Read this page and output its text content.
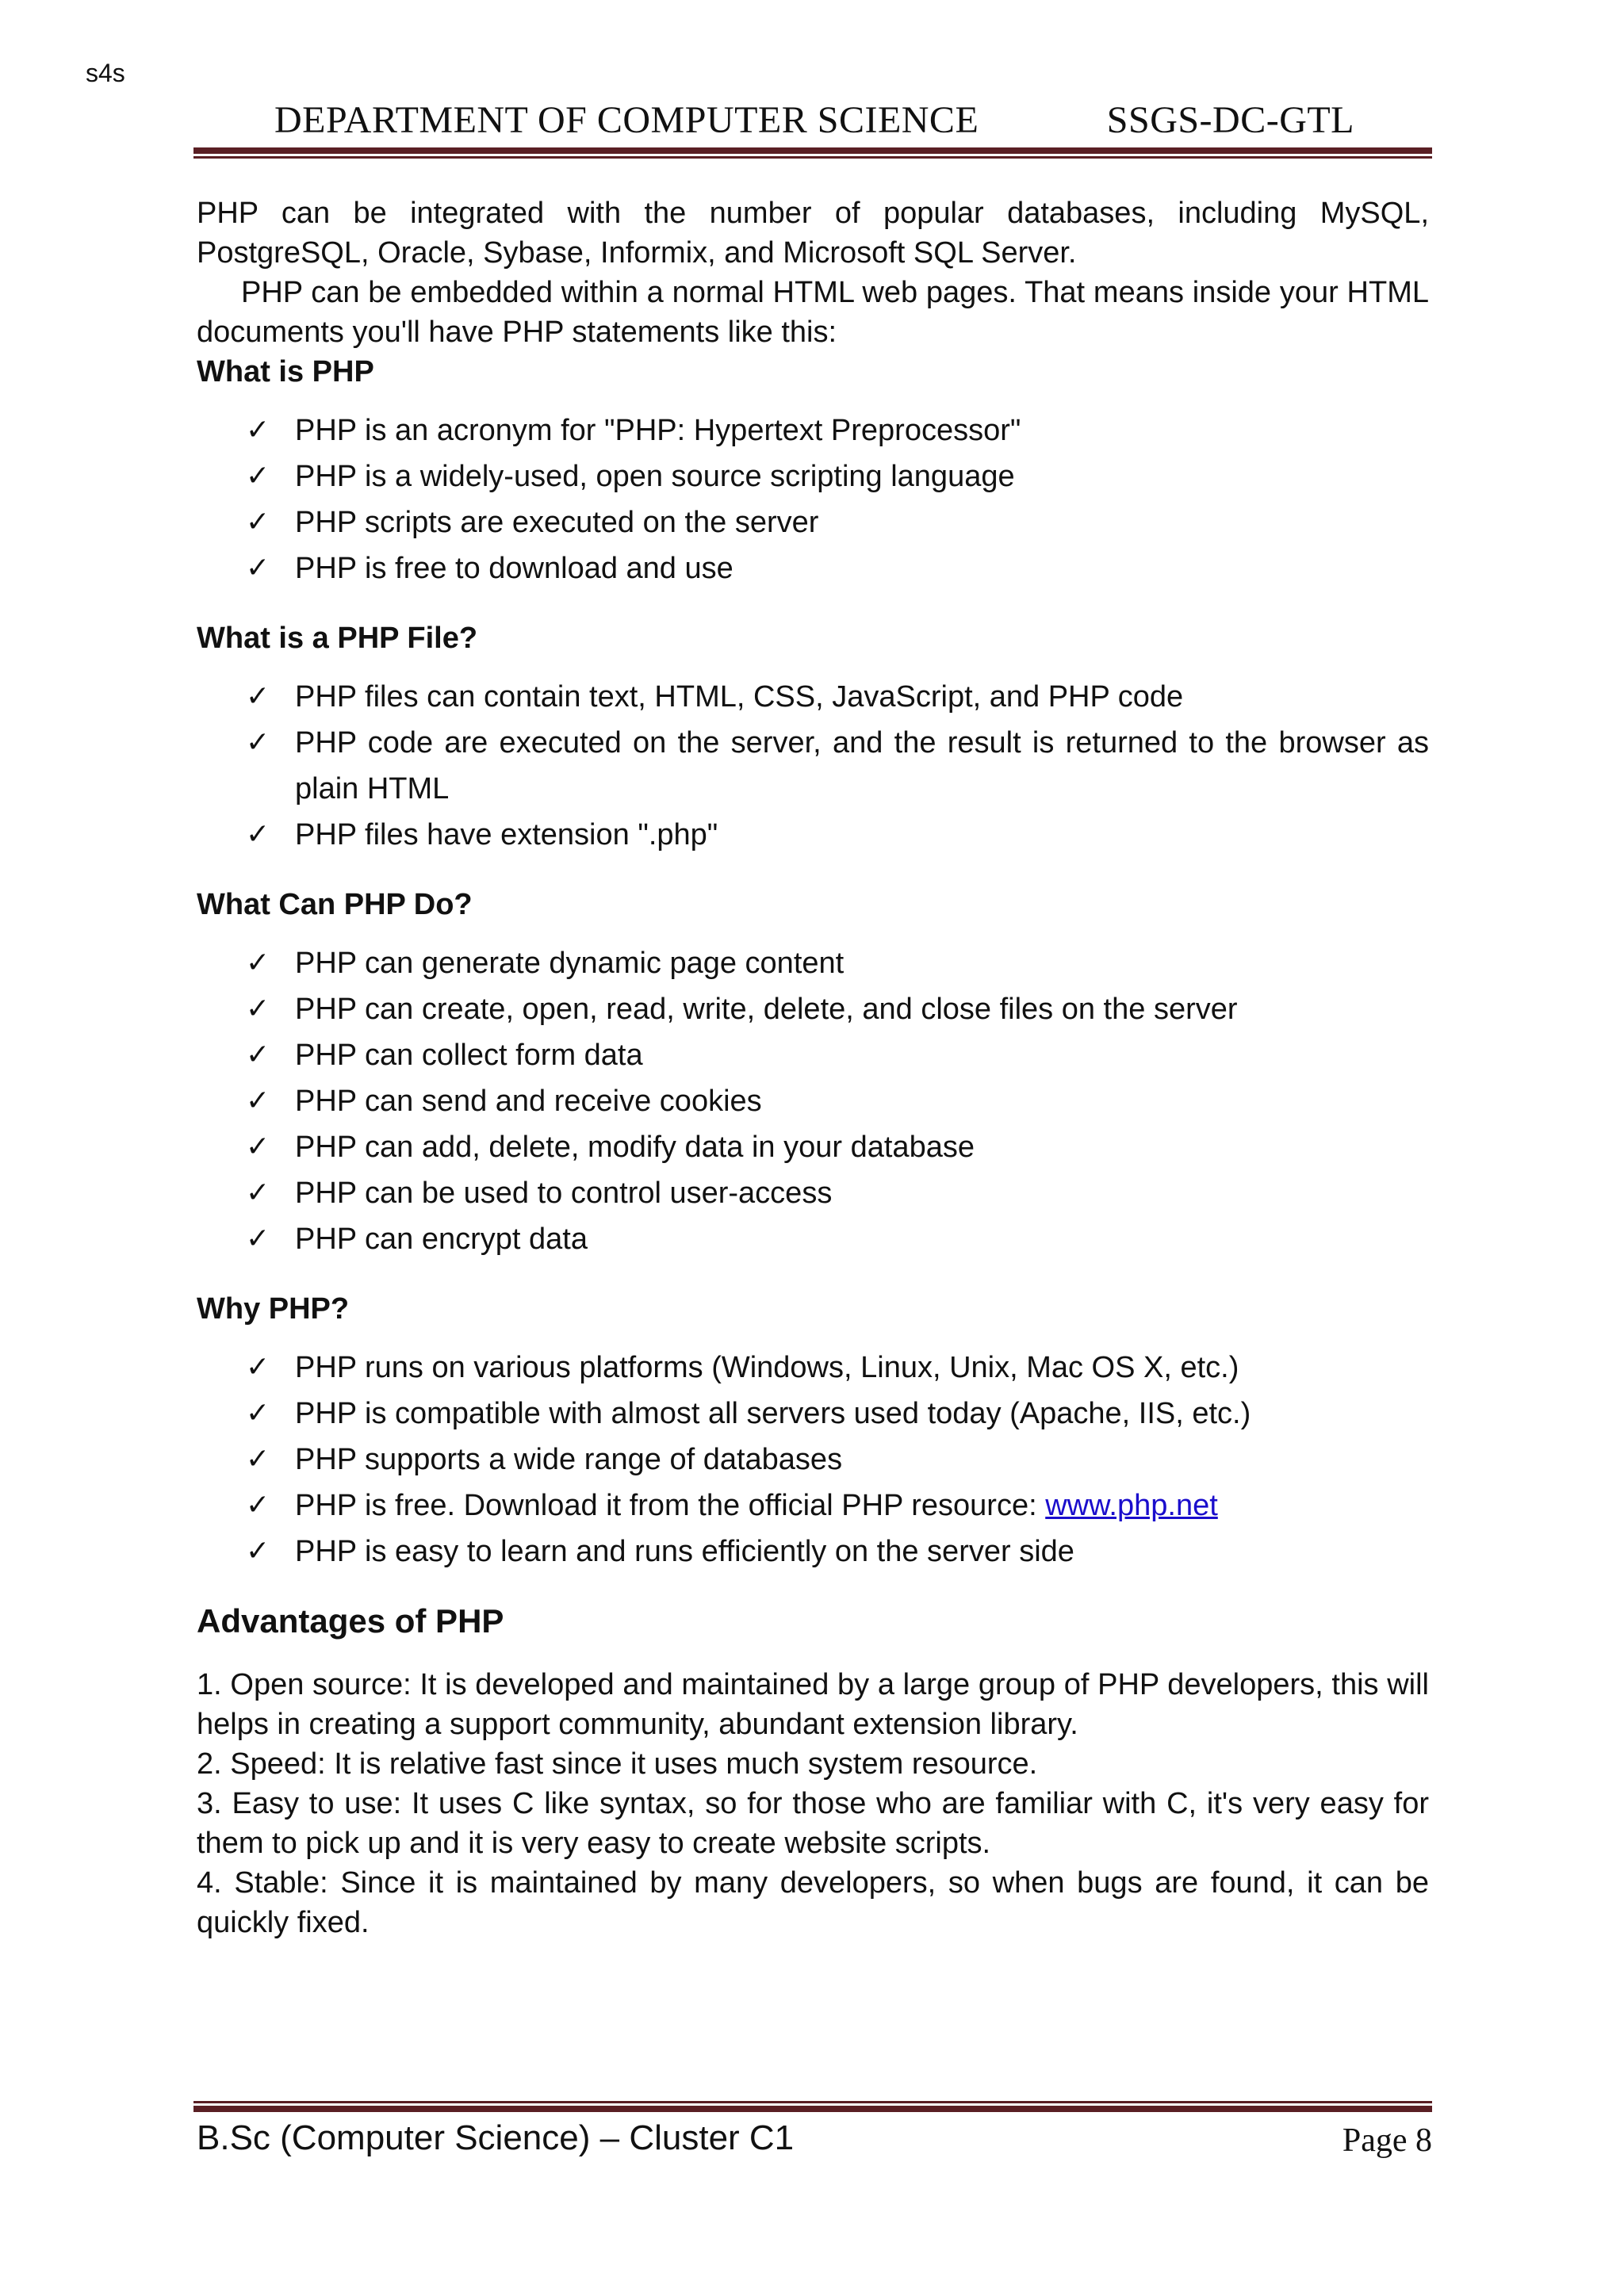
s4s
DEPARTMENT OF COMPUTER SCIENCE	SSGS-DC-GTL

PHP can be integrated with the number of popular databases, including MySQL, PostgreSQL, Oracle, Sybase, Informix, and Microsoft SQL Server.

PHP can be embedded within a normal HTML web pages. That means inside your HTML documents you'll have PHP statements like this:

What is PHP

✓ PHP is an acronym for "PHP: Hypertext Preprocessor"
✓ PHP is a widely-used, open source scripting language
✓ PHP scripts are executed on the server
✓ PHP is free to download and use

What is a PHP File?

✓ PHP files can contain text, HTML, CSS, JavaScript, and PHP code
✓ PHP code are executed on the server, and the result is returned to the browser as plain HTML
✓ PHP files have extension ".php"

What Can PHP Do?

✓ PHP can generate dynamic page content
✓ PHP can create, open, read, write, delete, and close files on the server
✓ PHP can collect form data
✓ PHP can send and receive cookies
✓ PHP can add, delete, modify data in your database
✓ PHP can be used to control user-access
✓ PHP can encrypt data

Why PHP?

✓ PHP runs on various platforms (Windows, Linux, Unix, Mac OS X, etc.)
✓ PHP is compatible with almost all servers used today (Apache, IIS, etc.)
✓ PHP supports a wide range of databases
✓ PHP is free. Download it from the official PHP resource: www.php.net
✓ PHP is easy to learn and runs efficiently on the server side

Advantages of PHP

1. Open source: It is developed and maintained by a large group of PHP developers, this will helps in creating a support community, abundant extension library.

2. Speed: It is relative fast since it uses much system resource.

3. Easy to use: It uses C like syntax, so for those who are familiar with C, it's very easy for them to pick up and it is very easy to create website scripts.

4. Stable: Since it is maintained by many developers, so when bugs are found, it can be quickly fixed.

B.Sc (Computer Science) – Cluster C1	Page 8
